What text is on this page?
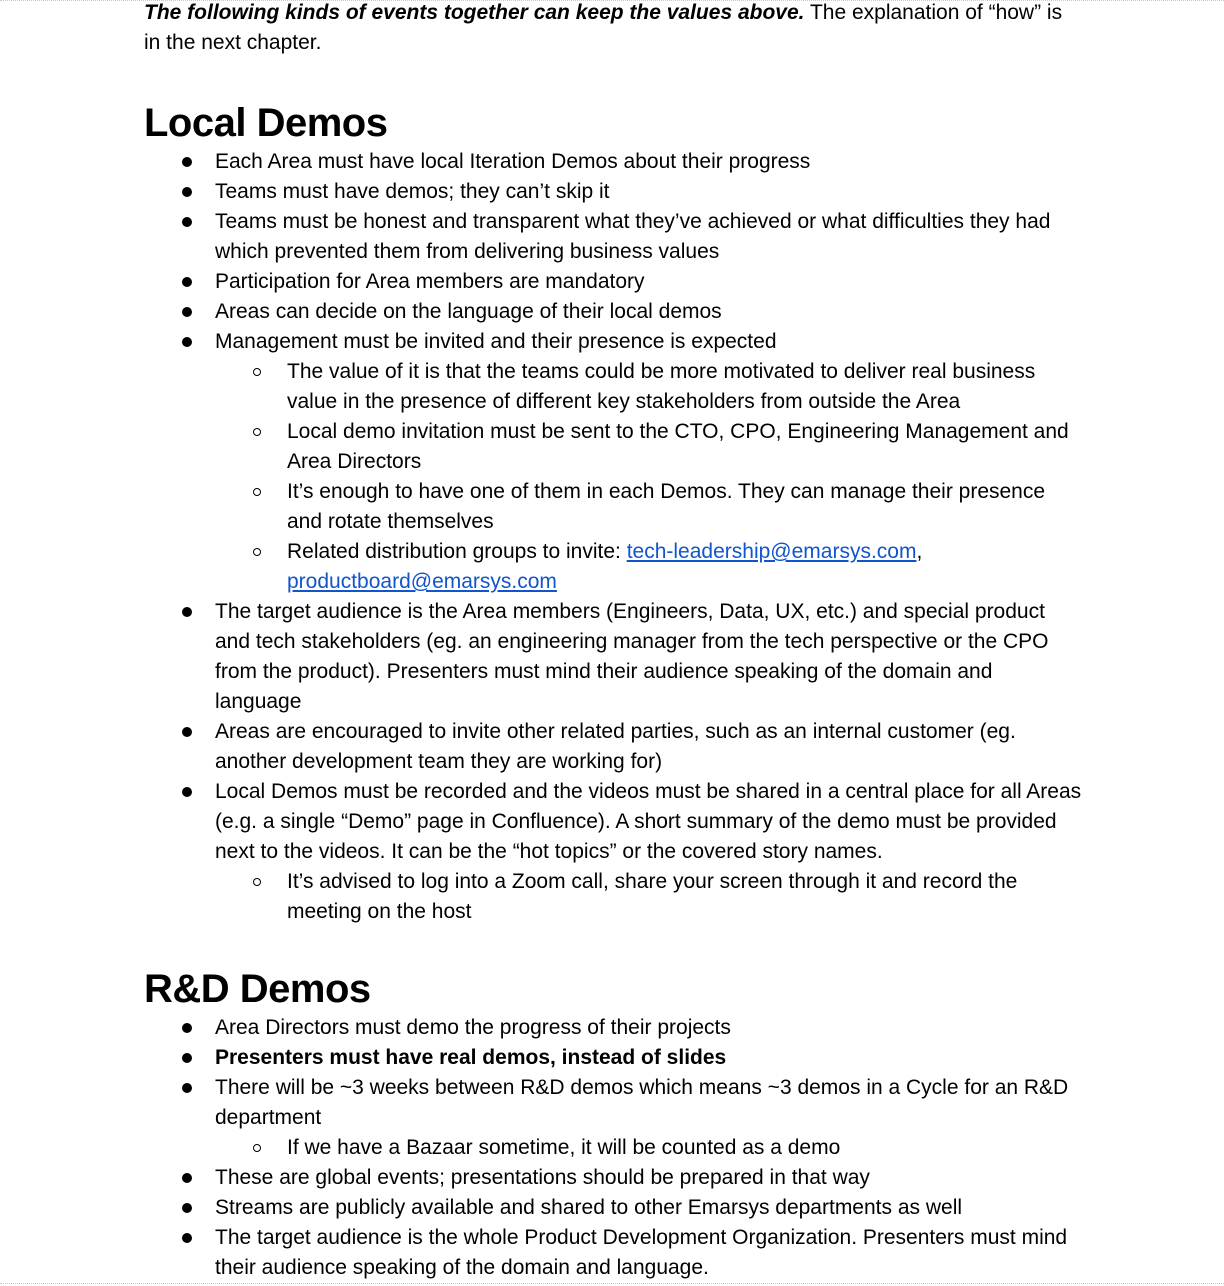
The following kinds of events together can keep the values above. The explanation of “how” is in the next chapter.

Local Demos
Each Area must have local Iteration Demos about their progress
Teams must have demos; they can’t skip it
Teams must be honest and transparent what they’ve achieved or what difficulties they had which prevented them from delivering business values
Participation for Area members are mandatory
Areas can decide on the language of their local demos
Management must be invited and their presence is expected
The value of it is that the teams could be more motivated to deliver real business value in the presence of different key stakeholders from outside the Area
Local demo invitation must be sent to the CTO, CPO, Engineering Management and Area Directors
It’s enough to have one of them in each Demos. They can manage their presence and rotate themselves
Related distribution groups to invite: tech-leadership@emarsys.com, productboard@emarsys.com
The target audience is the Area members (Engineers, Data, UX, etc.) and special product and tech stakeholders (eg. an engineering manager from the tech perspective or the CPO from the product). Presenters must mind their audience speaking of the domain and language
Areas are encouraged to invite other related parties, such as an internal customer (eg. another development team they are working for)
Local Demos must be recorded and the videos must be shared in a central place for all Areas (e.g. a single “Demo” page in Confluence). A short summary of the demo must be provided next to the videos. It can be the “hot topics” or the covered story names.
It’s advised to log into a Zoom call, share your screen through it and record the meeting on the host
R&D Demos
Area Directors must demo the progress of their projects
Presenters must have real demos, instead of slides
There will be ~3 weeks between R&D demos which means ~3 demos in a Cycle for an R&D department
If we have a Bazaar sometime, it will be counted as a demo
These are global events; presentations should be prepared in that way
Streams are publicly available and shared to other Emarsys departments as well
The target audience is the whole Product Development Organization. Presenters must mind their audience speaking of the domain and language.
